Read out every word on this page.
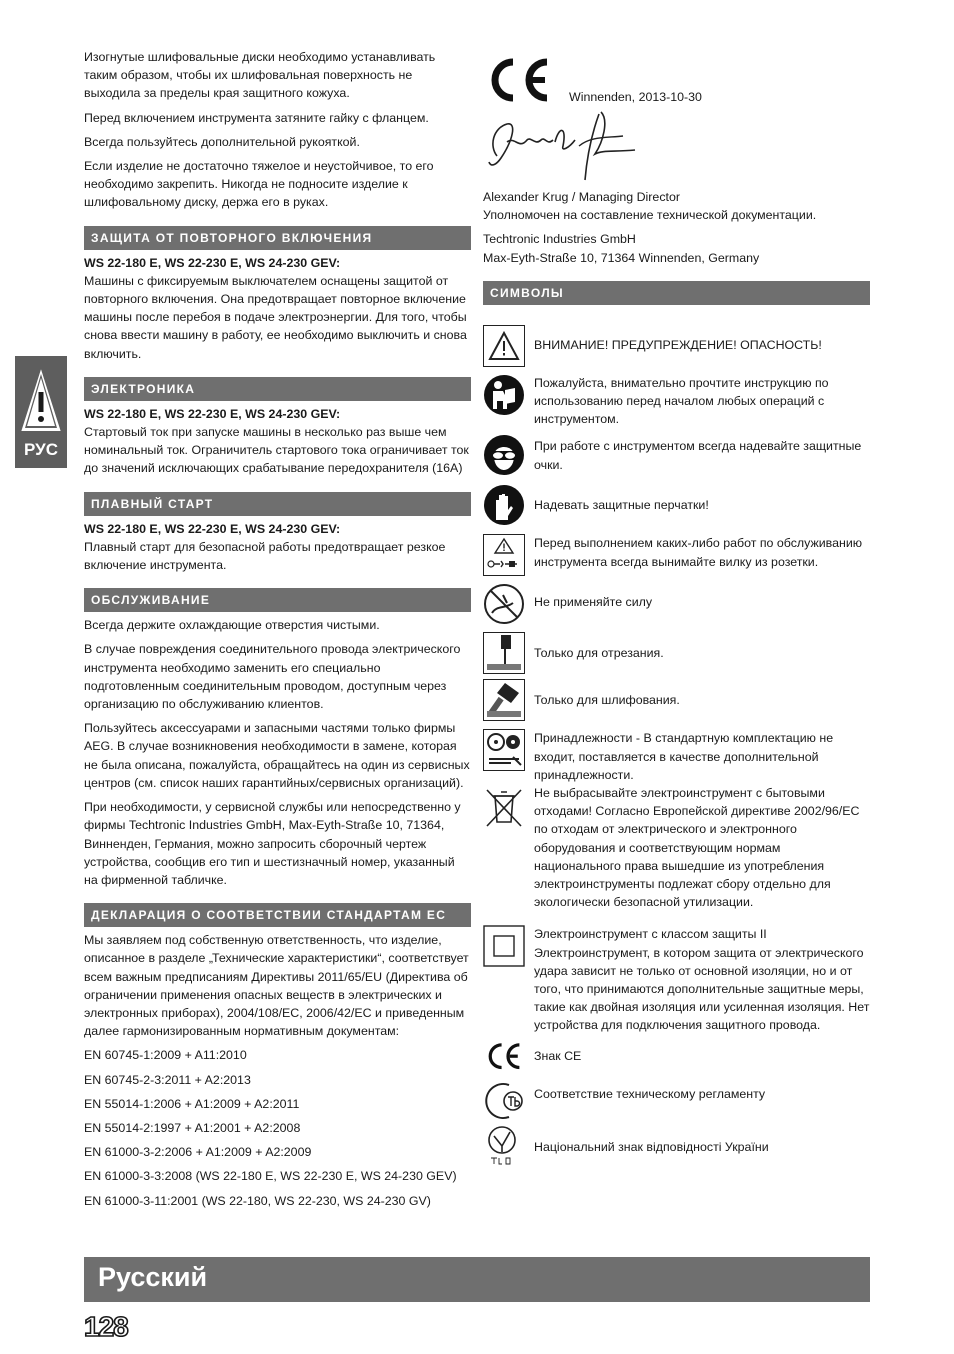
РУС

Изогнутые шлифовальные диски необходимо устанавливать таким образом, чтобы их шлифовальная поверхность не выходила за пределы края защитного кожуха.

Перед включением инструмента затяните гайку с фланцем.

Всегда пользуйтесь дополнительной рукояткой.

Если изделие не достаточно тяжелое и неустойчивое, то его необходимо закрепить. Никогда не подносите изделие к шлифовальному диску, держа его в руках.

ЗАЩИТА ОТ ПОВТОРНОГО ВКЛЮЧЕНИЯ

WS 22-180 E, WS 22-230 E, WS 24-230 GEV:

Машины с фиксируемым выключателем оснащены защитой от повторного включения. Она предотвращает повторное включение машины после перебоя в подаче электроэнергии. Для того, чтобы снова ввести машину в работу, ее необходимо выключить и снова включить.

ЭЛЕКТРОНИКА

WS 22-180 E, WS 22-230 E, WS 24-230 GEV:

Стартовый ток при запуске машины в несколько раз выше чем номинальный ток. Ограничитель стартового тока ограничивает ток до значений исключающих срабатывание передохранителя (16А)

ПЛАВНЫЙ СТАРТ

WS 22-180 E, WS 22-230 E, WS 24-230 GEV:

Плавный старт для безопасной работы предотвращает резкое включение инструмента.

ОБСЛУЖИВАНИЕ

Всегда держите охлаждающие отверстия чистыми.

В случае повреждения соединительного провода электрического инструмента необходимо заменить его специально подготовленным соединительным проводом, доступным через организацию по обслуживанию клиентов.

Пользуйтесь аксессуарами и запасными частями только фирмы AEG. В случае возникновения необходимости в замене, которая не была описана, пожалуйста, обращайтесь на один из сервисных центров (см. список наших гарантийных/сервисных организаций).

При необходимости, у сервисной службы или непосредственно у фирмы Techtronic Industries GmbH, Max-Eyth-Straße 10, 71364, Винненден, Германия, можно запросить сборочный чертеж устройства, сообщив его тип и шестизначный номер, указанный на фирменной табличке.

ДЕКЛАРАЦИЯ О СООТВЕТСТВИИ СТАНДАРТАМ ЕС

Мы заявляем под собственную ответственность, что изделие, описанное в разделе „Технические характеристики“, соответствует всем важным предписаниям Директивы 2011/65/EU (Директива об ограничении применения опасных веществ в электрических и электронных приборах), 2004/108/EC, 2006/42/EC и приведенным далее гармонизированным нормативным документам:

EN 60745-1:2009 + A11:2010

EN 60745-2-3:2011 + A2:2013

EN 55014-1:2006 + A1:2009 + A2:2011

EN 55014-2:1997 + A1:2001 + A2:2008

EN 61000-3-2:2006 + A1:2009 + A2:2009

EN 61000-3-3:2008 (WS 22-180 E, WS 22-230 E, WS 24-230 GEV)

EN 61000-3-11:2001 (WS 22-180, WS 22-230, WS 24-230 GV)

Winnenden, 2013-10-30

Alexander Krug / Managing Director

Уполномочен на составление технической документации.

Techtronic Industries GmbH

Max-Eyth-Straße 10, 71364 Winnenden, Germany

СИМВОЛЫ
ВНИМАНИЕ! ПРЕДУПРЕЖДЕНИЕ! ОПАСНОСТЬ!
Пожалуйста, внимательно прочтите инструкцию по использованию перед началом любых операций с инструментом.
При работе с инструментом всегда надевайте защитные очки.
Надевать защитные перчатки!
Перед выполнением каких-либо работ по обслуживанию инструмента всегда вынимайте вилку из розетки.
Не применяйте силу
Только для отрезания.
Только для шлифования.
Принадлежности - В стандартную комплектацию не входит, поставляется в качестве дополнительной принадлежности.
Не выбрасывайте электроинструмент с бытовыми отходами! Согласно Европейской директиве 2002/96/ЕС по отходам от электрического и электронного оборудования и соответствующим нормам национального права вышедшие из употребления электроинструменты подлежат сбору отдельно для экологически безопасной утилизации.
Электроинструмент с классом защиты II Электроинструмент, в котором защита от электрического удара зависит не только от основной изоляции, но и от того, что принимаются дополнительные защитные меры, такие как двойная изоляция или усиленная изоляция. Нет устройства для подключения защитного провода.
Знак CE
Соответствие техническому регламенту
Національний знак відповідності України
Русский
128
